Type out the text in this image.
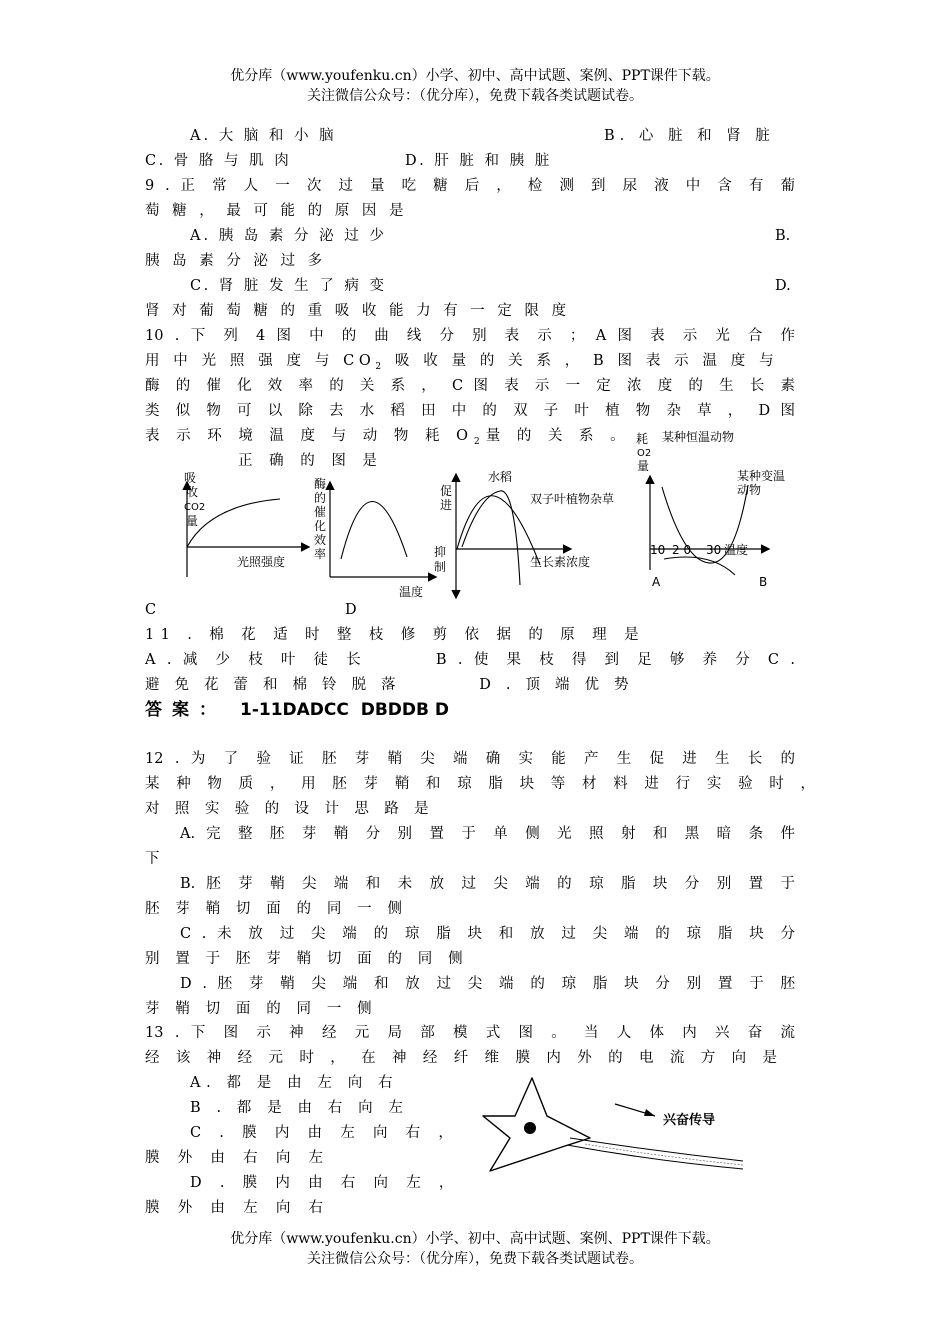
优分库（www.youfenku.cn）小学、初中、高中试题、案例、PPT课件下载。
关注微信公众号：（优分库），免费下载各类试题试卷。
A. 大 脑 和 小 脑	B. 心 脏 和 肾 脏
C. 骨 胳 与 肌 肉	D. 肝 脏 和 胰 脏
9 . 正 常 人 一 次 过 量 吃 糖 后 ， 检 测 到 尿 液 中 含 有 葡
萄 糖 ， 最 可 能 的 原 因 是
A. 胰 岛 素 分 泌 过 少	B.
胰 岛 素 分 泌 过 多
C. 肾 脏 发 生 了 病 变	D.
肾 对 葡 萄 糖 的 重 吸 收 能 力 有 一 定 限 度
10 . 下 列 4 图 中 的 曲 线 分 别 表 示 ； A 图 表 示 光 合 作
用 中 光 照 强 度 与 $CO_2$ 吸 收 量 的 关 系 ， B 图 表 示 温 度 与
酶 的 催 化 效 率 的 关 系 ， C 图 表 示 一 定 浓 度 的 生 长 素
类 似 物 可 以 除 去 水 稻 田 中 的 双 子 叶 植 物 杂 草 ， D 图
表 示 环 境 温 度 与 动 物 耗 $O_2$量 的 关 系 。
正 确 的 图 是
吸
收
CO2
量
光照强度
酶
的
催
化
效
率
温度
促
进
抑
制
水稻
双子叶植物杂草
生长素浓度
耗
O2
量
某种恒温动物
某种变温
动物
10 2 0 30 温度
A	B
C	D
11 . 棉 花 适 时 整 枝 修 剪 依 据 的 原 理 是
A . 减 少 枝 叶 徒 长      B . 使 果 枝 得 到 足 够 养 分 C .
避 免 花 蕾 和 棉 铃 脱 落        D . 顶 端 优 势
答案： 1-11DADCC  DBDDB D
12 . 为 了 验 证 胚 芽 鞘 尖 端 确 实 能 产 生 促 进 生 长 的
某 种 物 质 ， 用 胚 芽 鞘 和 琼 脂 块 等 材 料 进 行 实 验 时 ，
对 照 实 验 的 设 计 思 路 是
A. 完 整 胚 芽 鞘 分 别 置 于 单 侧 光 照 射 和 黑 暗 条 件
下
B. 胚 芽 鞘 尖 端 和 未 放 过 尖 端 的 琼 脂 块 分 别 置 于
胚 芽 鞘 切 面 的 同 一 侧
C . 未 放 过 尖 端 的 琼 脂 块 和 放 过 尖 端 的 琼 脂 块 分
别 置 于 胚 芽 鞘 切 面 的 同 侧
D . 胚 芽 鞘 尖 端 和 放 过 尖 端 的 琼 脂 块 分 别 置 于 胚
芽 鞘 切 面 的 同 一 侧
13 . 下 图 示 神 经 元 局 部 模 式 图 。 当 人 体 内 兴 奋 流
经 该 神 经 元 时 ， 在 神 经 纤 维 膜 内 外 的 电 流 方 向 是
A. 都 是 由 左 向 右
B . 都 是 由 右 向 左
C . 膜 内 由 左 向 右 ，
膜 外 由 右 向 左
D . 膜 内 由 右 向 左 ，
膜 外 由 左 向 右
兴奋传导
优分库（www.youfenku.cn）小学、初中、高中试题、案例、PPT课件下载。
关注微信公众号：（优分库），免费下载各类试题试卷。
